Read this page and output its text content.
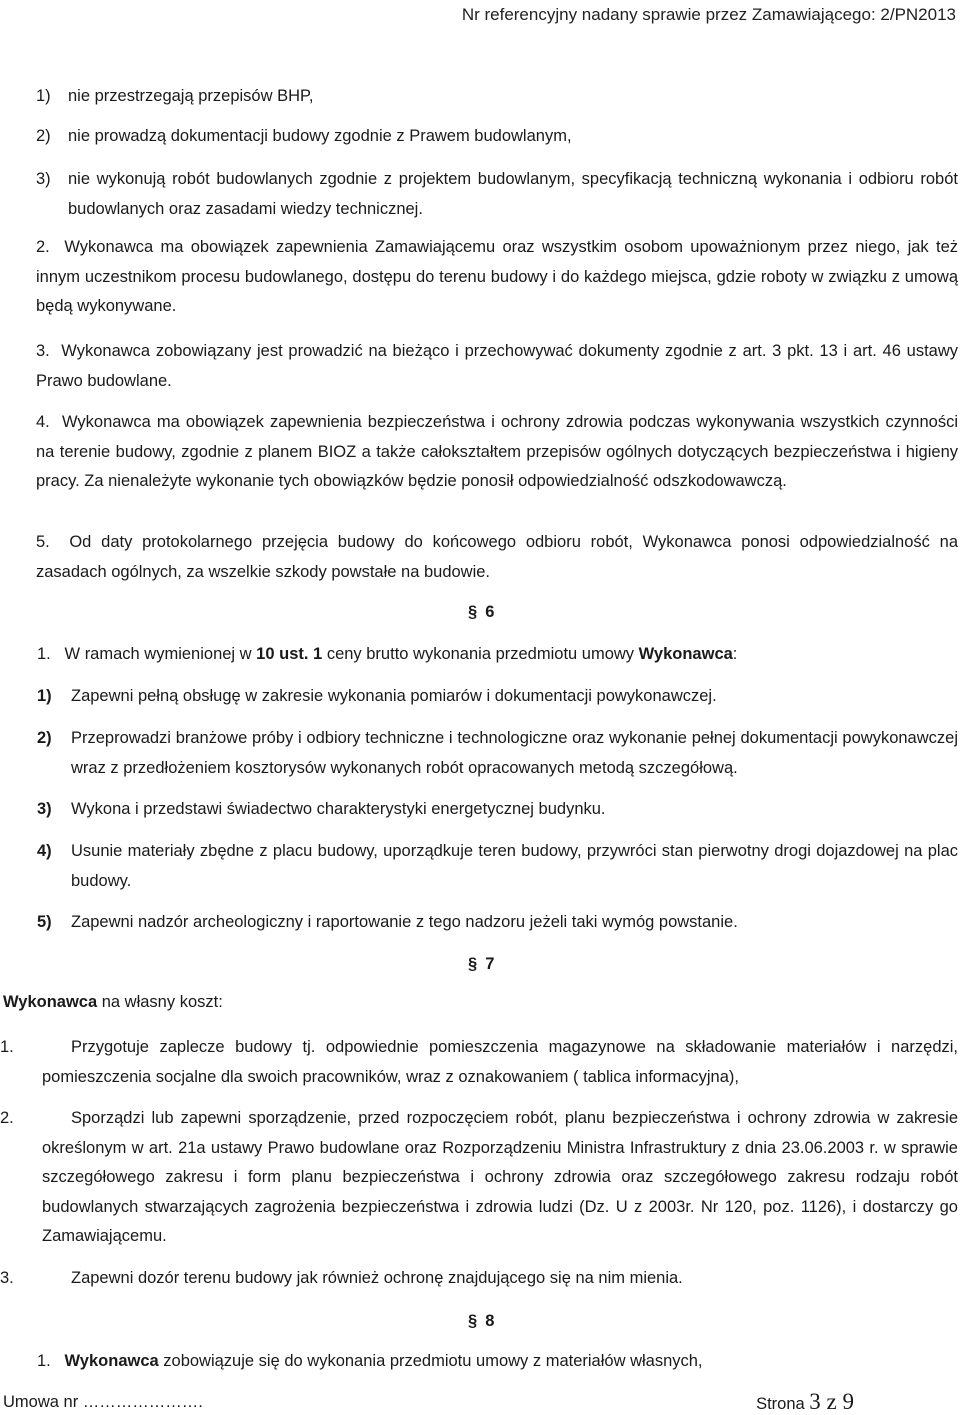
Nr referencyjny nadany sprawie przez Zamawiającego: 2/PN2013
1) nie przestrzegają przepisów BHP,
2) nie prowadzą dokumentacji budowy zgodnie z Prawem budowlanym,
3) nie wykonują robót budowlanych zgodnie z projektem budowlanym, specyfikacją techniczną wykonania i odbioru robót budowlanych oraz zasadami wiedzy technicznej.
2. Wykonawca ma obowiązek zapewnienia Zamawiającemu oraz wszystkim osobom upoważnionym przez niego, jak też innym uczestnikom procesu budowlanego, dostępu do terenu budowy i do każdego miejsca, gdzie roboty w związku z umową będą wykonywane.
3. Wykonawca zobowiązany jest prowadzić na bieżąco i przechowywać dokumenty zgodnie z art. 3 pkt. 13 i art. 46 ustawy Prawo budowlane.
4. Wykonawca ma obowiązek zapewnienia bezpieczeństwa i ochrony zdrowia podczas wykonywania wszystkich czynności na terenie budowy, zgodnie z planem BIOZ a także całokształtem przepisów ogólnych dotyczących bezpieczeństwa i higieny pracy. Za nienależyte wykonanie tych obowiązków będzie ponosił odpowiedzialność odszkodowawczą.
5. Od daty protokolarnego przejęcia budowy do końcowego odbioru robót, Wykonawca ponosi odpowiedzialność na zasadach ogólnych, za wszelkie szkody powstałe na budowie.
§ 6
1. W ramach wymienionej w 10 ust. 1 ceny brutto wykonania przedmiotu umowy Wykonawca:
1) Zapewni pełną obsługę w zakresie wykonania pomiarów i dokumentacji powykonawczej.
2) Przeprowadzi branżowe próby i odbiory techniczne i technologiczne oraz wykonanie pełnej dokumentacji powykonawczej wraz z przedłożeniem kosztorysów wykonanych robót opracowanych metodą szczegółową.
3) Wykona i przedstawi świadectwo charakterystyki energetycznej budynku.
4) Usunie materiały zbędne z placu budowy, uporządkuje teren budowy, przywróci stan pierwotny drogi dojazdowej na plac budowy.
5) Zapewni nadzór archeologiczny i raportowanie z tego nadzoru jeżeli taki wymóg powstanie.
§ 7
Wykonawca na własny koszt:
1.	Przygotuje zaplecze budowy tj. odpowiednie pomieszczenia magazynowe na składowanie materiałów i narzędzi, pomieszczenia socjalne dla swoich pracowników, wraz z oznakowaniem ( tablica informacyjna),
2.	Sporządzi lub zapewni sporządzenie, przed rozpoczęciem robót, planu bezpieczeństwa i ochrony zdrowia w zakresie określonym w art. 21a ustawy Prawo budowlane oraz Rozporządzeniu Ministra Infrastruktury z dnia 23.06.2003 r. w sprawie szczegółowego zakresu i form planu bezpieczeństwa i ochrony zdrowia oraz szczegółowego zakresu rodzaju robót budowlanych stwarzających zagrożenia bezpieczeństwa i zdrowia ludzi (Dz. U z 2003r. Nr 120, poz. 1126), i dostarczy go Zamawiającemu.
3.	Zapewni dozór terenu budowy jak również ochronę znajdującego się na nim mienia.
§ 8
1. Wykonawca zobowiązuje się do wykonania przedmiotu umowy z materiałów własnych,
Umowa nr ………………….	Strona 3 z 9
